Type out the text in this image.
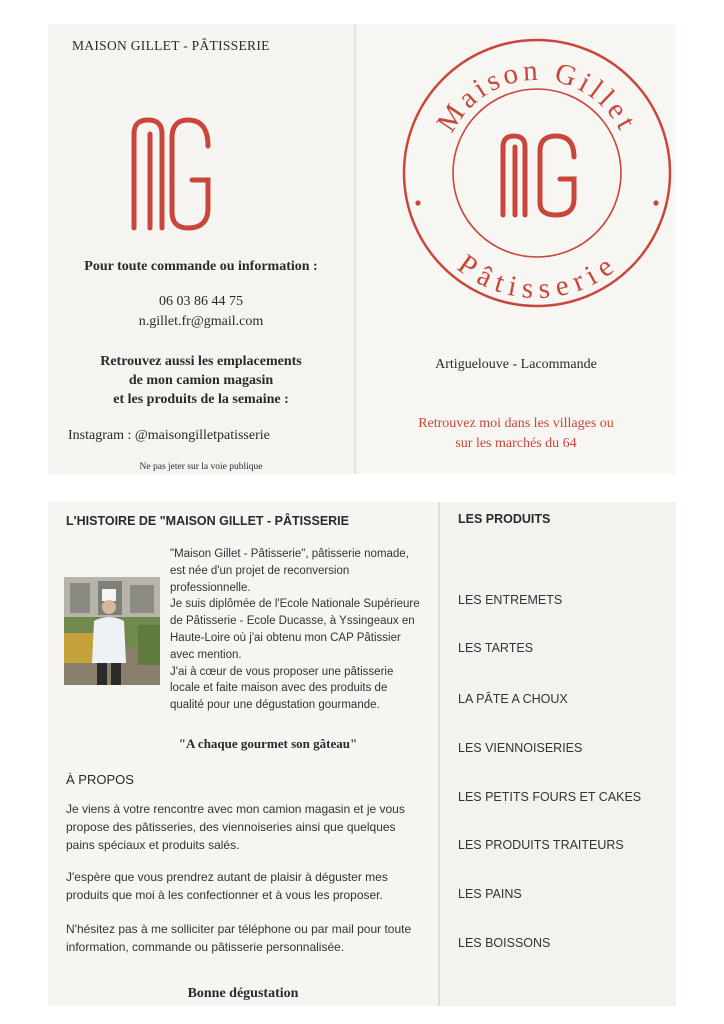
MAISON GILLET - PÂTISSERIE
Pour toute commande ou information :
06 03 86 44 75
n.gillet.fr@gmail.com
Retrouvez aussi les emplacements
de mon camion magasin
et les produits de la semaine :
Instagram : @maisongilletpatisserie
Ne pas jeter sur la voie publique
Maison Gillet
Pâtisserie
Artiguelouve - Lacommande
Retrouvez moi dans les villages ou
sur les marchés du 64
L'HISTOIRE DE "MAISON GILLET - PÂTISSERIE

"Maison Gillet - Pâtisserie", pâtisserie nomade,

est née d'un projet de reconversion

professionnelle.

Je suis diplômée de l'Ecole Nationale Supérieure

de Pâtisserie - Ecole Ducasse, à Yssingeaux en

Haute-Loire où j'ai obtenu mon CAP Pâtissier

avec mention.

J'ai à cœur de vous proposer une pâtisserie

locale et faite maison avec des produits de

qualité pour une dégustation gourmande.

"A chaque gourmet son gâteau"
À PROPOS
Je viens à votre rencontre avec mon camion magasin et je vous propose des pâtisseries, des viennoiseries ainsi que quelques pains spéciaux et produits salés.
J'espère que vous prendrez autant de plaisir à déguster mes produits que moi à les confectionner et à vous les proposer.
N'hésitez pas à me solliciter par téléphone ou par mail pour toute information, commande ou pâtisserie personnalisée.
Bonne dégustation
LES PRODUITS
LES ENTREMETS
LES TARTES
LA PÂTE A CHOUX
LES VIENNOISERIES
LES PETITS FOURS ET CAKES
LES PRODUITS TRAITEURS
LES PAINS
LES BOISSONS
